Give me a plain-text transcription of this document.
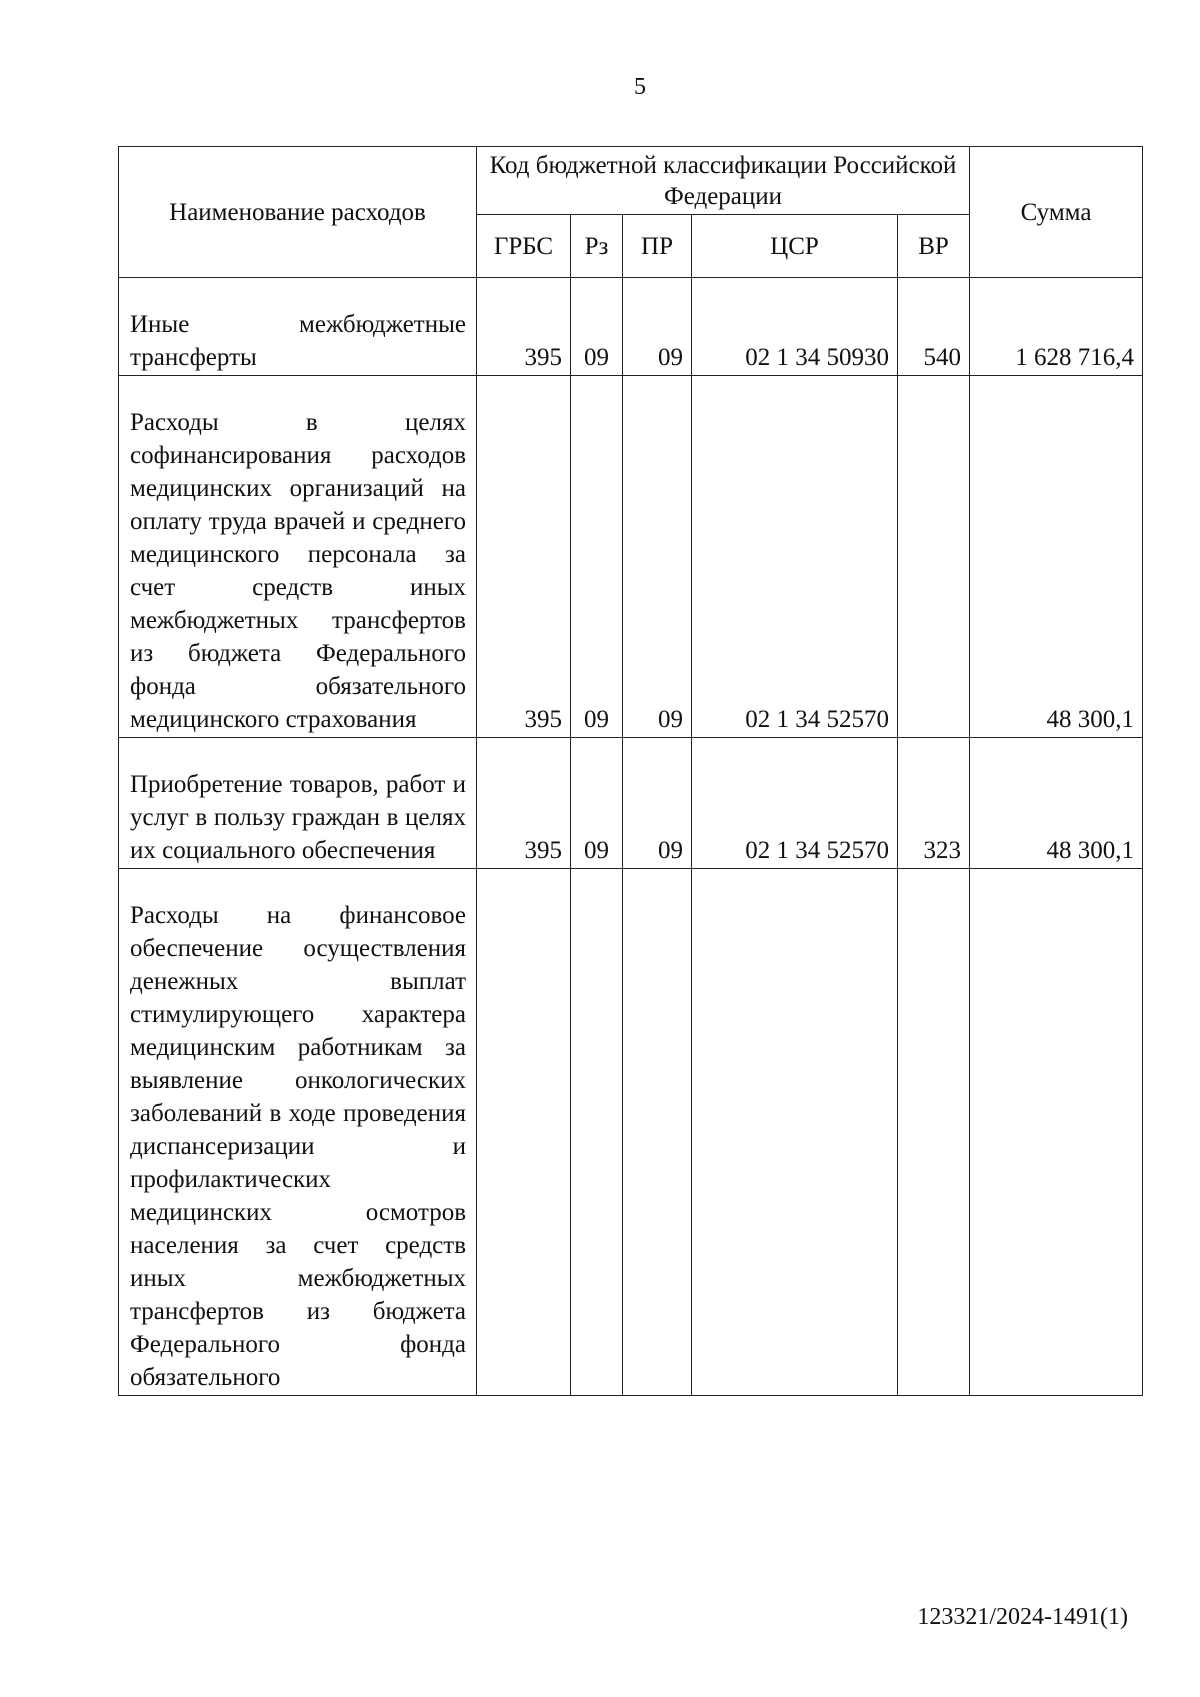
5
Наименование расходов	Код бюджетной классификации Российской Федерации					Сумма
	ГРБС	Рз	ПР	ЦСР	ВР	

Иные межбюджетные трансферты	395	09	09	02 1 34 50930	540	1 628 716,4

Расходы в целях софинансирования расходов медицинских организаций на оплату труда врачей и среднего медицинского персонала за счет средств иных межбюджетных трансфертов из бюджета Федерального фонда обязательного медицинского страхования	395	09	09	02 1 34 52570		48 300,1

Приобретение товаров, работ и услуг в пользу граждан в целях их социального обеспечения	395	09	09	02 1 34 52570	323	48 300,1

Расходы на финансовое обеспечение осуществления денежных выплат стимулирующего характера медицинским работникам за выявление онкологических заболеваний в ходе проведения диспансеризации и профилактических медицинских осмотров населения за счет средств иных межбюджетных трансфертов из бюджета Федерального фонда обязательного						

123321/2024-1491(1)
